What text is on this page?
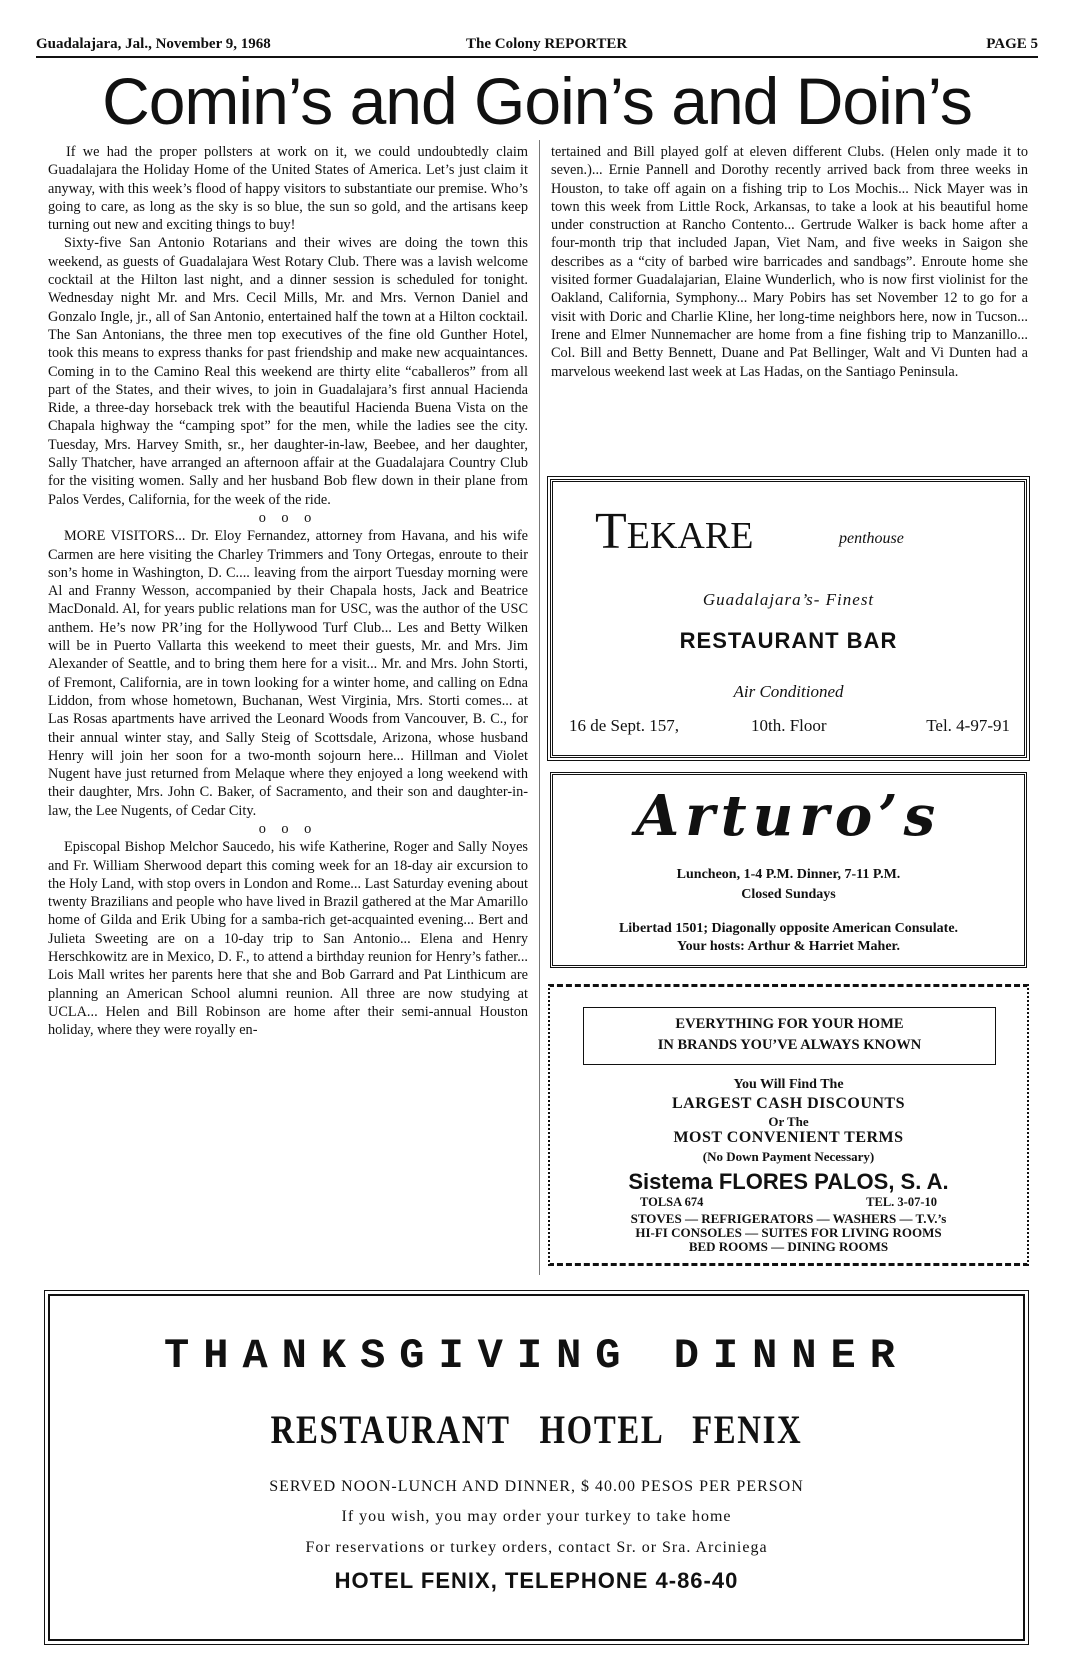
Guadalajara, Jal., November 9, 1968	The Colony REPORTER	PAGE 5
Comin’s and Goin’s and Doin’s

If we had the proper pollsters at work on it, we could undoubtedly claim Guadalajara the Holiday Home of the United States of America. Let’s just claim it anyway, with this week’s flood of happy visitors to substantiate our premise. Who’s going to care, as long as the sky is so blue, the sun so gold, and the artisans keep turning out new and exciting things to buy!

Sixty-five San Antonio Rotarians and their wives are doing the town this weekend, as guests of Guadalajara West Rotary Club. There was a lavish welcome cocktail at the Hilton last night, and a dinner session is scheduled for tonight. Wednesday night Mr. and Mrs. Cecil Mills, Mr. and Mrs. Vernon Daniel and Gonzalo Ingle, jr., all of San Antonio, entertained half the town at a Hilton cocktail. The San Antonians, the three men top executives of the fine old Gunther Hotel, took this means to express thanks for past friendship and make new acquaintances. Coming in to the Camino Real this weekend are thirty elite “caballeros” from all part of the States, and their wives, to join in Guadalajara’s first annual Hacienda Ride, a three-day horseback trek with the beautiful Hacienda Buena Vista on the Chapala highway the “camping spot” for the men, while the ladies see the city. Tuesday, Mrs. Harvey Smith, sr., her daughter-in-law, Beebee, and her daughter, Sally Thatcher, have arranged an afternoon affair at the Guadalajara Country Club for the visiting women. Sally and her husband Bob flew down in their plane from Palos Verdes, California, for the week of the ride.

o o o

MORE VISITORS... Dr. Eloy Fernandez, attorney from Havana, and his wife Carmen are here visiting the Charley Trimmers and Tony Ortegas, enroute to their son’s home in Washington, D. C.... leaving from the airport Tuesday morning were Al and Franny Wesson, accompanied by their Chapala hosts, Jack and Beatrice MacDonald. Al, for years public relations man for USC, was the author of the USC anthem. He’s now PR’ing for the Hollywood Turf Club... Les and Betty Wilken will be in Puerto Vallarta this weekend to meet their guests, Mr. and Mrs. Jim Alexander of Seattle, and to bring them here for a visit... Mr. and Mrs. John Storti, of Fremont, California, are in town looking for a winter home, and calling on Edna Liddon, from whose hometown, Buchanan, West Virginia, Mrs. Storti comes... at Las Rosas apartments have arrived the Leonard Woods from Vancouver, B. C., for their annual winter stay, and Sally Steig of Scottsdale, Arizona, whose husband Henry will join her soon for a two-month sojourn here... Hillman and Violet Nugent have just returned from Melaque where they enjoyed a long weekend with their daughter, Mrs. John C. Baker, of Sacramento, and their son and daughter-in-law, the Lee Nugents, of Cedar City.

o o o

Episcopal Bishop Melchor Saucedo, his wife Katherine, Roger and Sally Noyes and Fr. William Sherwood depart this coming week for an 18-day air excursion to the Holy Land, with stop overs in London and Rome... Last Saturday evening about twenty Brazilians and people who have lived in Brazil gathered at the Mar Amarillo home of Gilda and Erik Ubing for a samba-rich get-acquainted evening... Bert and Julieta Sweeting are on a 10-day trip to San Antonio... Elena and Henry Herschkowitz are in Mexico, D. F., to attend a birthday reunion for Henry’s father... Lois Mall writes her parents here that she and Bob Garrard and Pat Linthicum are planning an American School alumni reunion. All three are now studying at UCLA... Helen and Bill Robinson are home after their semi-annual Houston holiday, where they were royally en-

tertained and Bill played golf at eleven different Clubs. (Helen only made it to seven.)... Ernie Pannell and Dorothy recently arrived back from three weeks in Houston, to take off again on a fishing trip to Los Mochis... Nick Mayer was in town this week from Little Rock, Arkansas, to take a look at his beautiful home under construction at Rancho Contento... Gertrude Walker is back home after a four-month trip that included Japan, Viet Nam, and five weeks in Saigon she describes as a “city of barbed wire barricades and sandbags”. Enroute home she visited former Guadalajarian, Elaine Wunderlich, who is now first violinist for the Oakland, California, Symphony... Mary Pobirs has set November 12 to go for a visit with Doric and Charlie Kline, her long-time neighbors here, now in Tucson... Irene and Elmer Nunnemacher are home from a fine fishing trip to Manzanillo... Col. Bill and Betty Bennett, Duane and Pat Bellinger, Walt and Vi Dunten had a marvelous weekend last week at Las Hadas, on the Santiago Peninsula.

TEKARE	penthouse
Guadalajara’s- Finest
RESTAURANT BAR
Air Conditioned
16 de Sept. 157,	10th. Floor	Tel. 4-97-91
Arturo’s
Luncheon, 1-4 P.M. Dinner, 7-11 P.M.
Closed Sundays
Libertad 1501; Diagonally opposite American Consulate.
Your hosts: Arthur & Harriet Maher.
EVERYTHING FOR YOUR HOME
IN BRANDS YOU’VE ALWAYS KNOWN
You Will Find The
LARGEST CASH DISCOUNTS
Or The
MOST CONVENIENT TERMS
(No Down Payment Necessary)
Sistema FLORES PALOS, S. A.
TOLSA 674	TEL. 3-07-10
STOVES — REFRIGERATORS — WASHERS — T.V.’s
HI-FI CONSOLES — SUITES FOR LIVING ROOMS
BED ROOMS — DINING ROOMS
THANKSGIVING DINNER
RESTAURANT   HOTEL   FENIX
SERVED NOON-LUNCH AND DINNER, $ 40.00 PESOS PER PERSON
If you wish, you may order your turkey to take home
For reservations or turkey orders, contact Sr. or Sra. Arciniega
HOTEL FENIX, TELEPHONE 4-86-40
